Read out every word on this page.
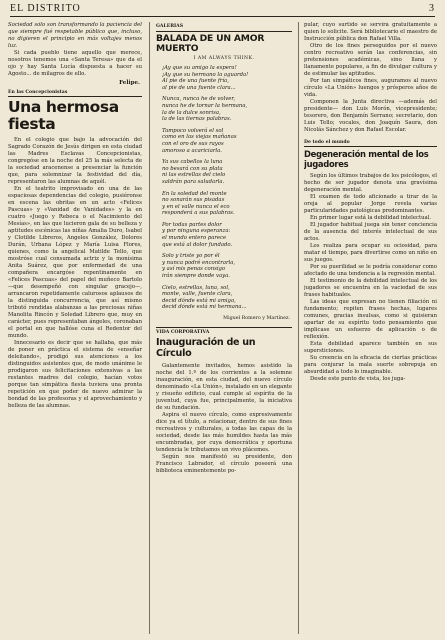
EL DISTRITO	3

Sociedad sólo son transformando la paciencia del que siempre fué respetable público que, incluso, no digieren el principio en más voltajes menos luz.

Si cada pueblo tiene aquello que merece, nosotros tenemos una «Santa Teresa» que da el ojo y hay Santa Lucía dispuesta a hacer su Agosto... de milagros de ello.

Felipe.
En las Concepcionistas
Una hermosa fiesta

En el colegio que bajo la advocación del Sagrado Corazón de Jesús dirigen en esta ciudad las Madres Esclavas Concepcionistas, congregóse en la noche del 25 la más selecta de la sociedad aracenense a presenciar la función que, para solemnizar la festividad del día, representaron las alumnas de aquél.

En el teatrito improvisado en una de las espaciosas dependencias del colegio, pusiéronse en escena las obritas en un acto «Felices Pascuas» y «Vanidad de Vanidades» y la en cuatro «Juego y Rebeca o el Nacimiento del Mesías», en las que lucieron gala de su belleza y aptitudes escénicas las niñas Amalia Duro, Isabel y Clotilde Libreros, Angeles González, Dolores Durán, Urbana López y María Luisa Flores, quienes, como la angelical Matilde Tello, que mostróse cual consumada actriz y la monísima Anita Suárez, que por enfermedad de una compañera encargóse repentinamente en «Felices Pascuas» del papel del muñeco Bartolo —que desempeñó con singular gracejo—, arrancaron repetidamente calurosos aplausos de la distinguida concurrencia, que así mismo tributó rendidas alabanzas a las preciosas niñas Manolita Rincón y Soledad Librero que, muy en carácter, pues representaban ángeles, coronaban el portal en que hallóse cuna el Redentor del mundo.

Innecesario es decir que se hallaba, que más de poner en práctica el sistema de «enseñar deleitando», prodigó sus atenciones a los distinguidos asistentes que, de modo unánime le prodigaron sus felicitaciones extensivas a las restantes madres del colegio, hacían votos porque tan simpática fiesta tuviera una pronta repetición en que poder de nuevo admirar la bondad de las profesoras y el aprovechamiento y belleza de las alumnas.

GALERIAS
BALADA DE UN AMOR MUERTO
I AM ALWAYS THINK.
¡Ay que su amigo la espera!
¡Ay que su hermano la aguarda!
Al pie de una fuente fría,
al pie de una fuente clara...
Nunca, nunca he de volver,
nunca he de tornar la hermana,
la de la dulce sonrisa,
la de las tiernas palabras.
Tampoco volverá el sol
como en las viejas mañanas
con el oro de sus rayos
amoroso a acariciarla.
Ya sus cabellos la luna
no besará con su plata
ni las estrellas del cielo
saldrán para saludarla.
En la soledad del monte
no sonarán sus pisadas
y en el valle nunca el eco
responderá a sus palabras.
Por todas partes dolor
y por ninguna esperanza:
el mundo entero parece
que está al dolor fundado.
Solo y triste yo por él
y nunca podré encontrarla,
y así mis penas consigo
irán siempre donde vaya.
Cielo, estrellas, luna, sol,
monte, valle, fuente clara,
decid dónde está mi amiga,
decid dónde está mi hermana...
Miguel Romero y Martínez.
VIDA CORPORATIVA
Inauguración de un Círculo

Galantemente invitados, hemos asistido la noche del 1.º de los corrientes a la solemne inauguración, en esta ciudad, del nuevo círculo denominado «La Unión», instalado en un elegante y risueño edificio, cual cumple al espíritu de la juventud, cuya fue, principalmente, la iniciativa de su fundación.

Aspira el nuevo círculo, como expresivamente dice ya el título, a relacionar, dentro de sus fines recreativos y culturales, a todas las capas de la sociedad, desde las más humildes hasta las más encumbradas, por cuya democrática y oportuna tendencia le tributamos un vivo plácemes.

Según nos manifestó su presidente, don Francisco Labrador, el círculo poseerá una biblioteca eminentemente po-

pular, cuyo surtido se servirá gratuitamente a quien lo solicite. Será bibliotecario el maestro de Instrucción pública don Rafael Villa.

Otro de los fines perseguidos por el nuevo centro recreativo serán las conferencias, sin pretensiones académicas, sino llana y llanamente populares, a fin de divulgar cultura y de estimular las aptitudes.

Por tan simpáticos fines, auguramos al nuevo círculo «La Unión» luengos y prósperos años de vida.

Componen la Junta directiva —además del presidente— don Luis Morón, vicepresidente; tesorero, don Benjamín Serrano; secretario, don Luis Tello; vocales, don Joaquín Saura, don Nicolás Sánchez y don Rafael Escolar.

De todo el mundo
Degeneración mental de los jugadores

Según los últimos trabajos de los psicólogos, el hecho de ser jugador denota una gravísima degeneración mental.

El examen de todo aficionado a tirar de la oreja al popular Jorge revela varias particularidades patológicas predominantes.

En primer lugar está la debilidad intelectual.

El jugador habitual juega sin tener conciencia de la ausencia del interés intelectual de sus actos.

Los realiza para ocupar su ociosidad, para matar el tiempo, para divertirse como un niño en sus juegos.

Por su puerilidad se le podría considerar como afectado de una tendencia a la regresión mental.

El testimonio de la debilidad intelectual de los jugadores se encuentra en la vaciedad de sus frases habituales.

Las ideas que expresan no tienen filiación ni fundamento; repiten frases hechas, lugares comunes, gracias insulsas, como si quisieran apartar de su espíritu todo pensamiento que implicase un esfuerzo de aplicación o de reflexión.

Esta debilidad aparece también en sus supersticiones.

Su creencia en la eficacia de ciertas prácticas para conjurar la mala suerte sobrepuja en absurdidad a todo lo imaginable.

Desde este punto de vista, los juga-
